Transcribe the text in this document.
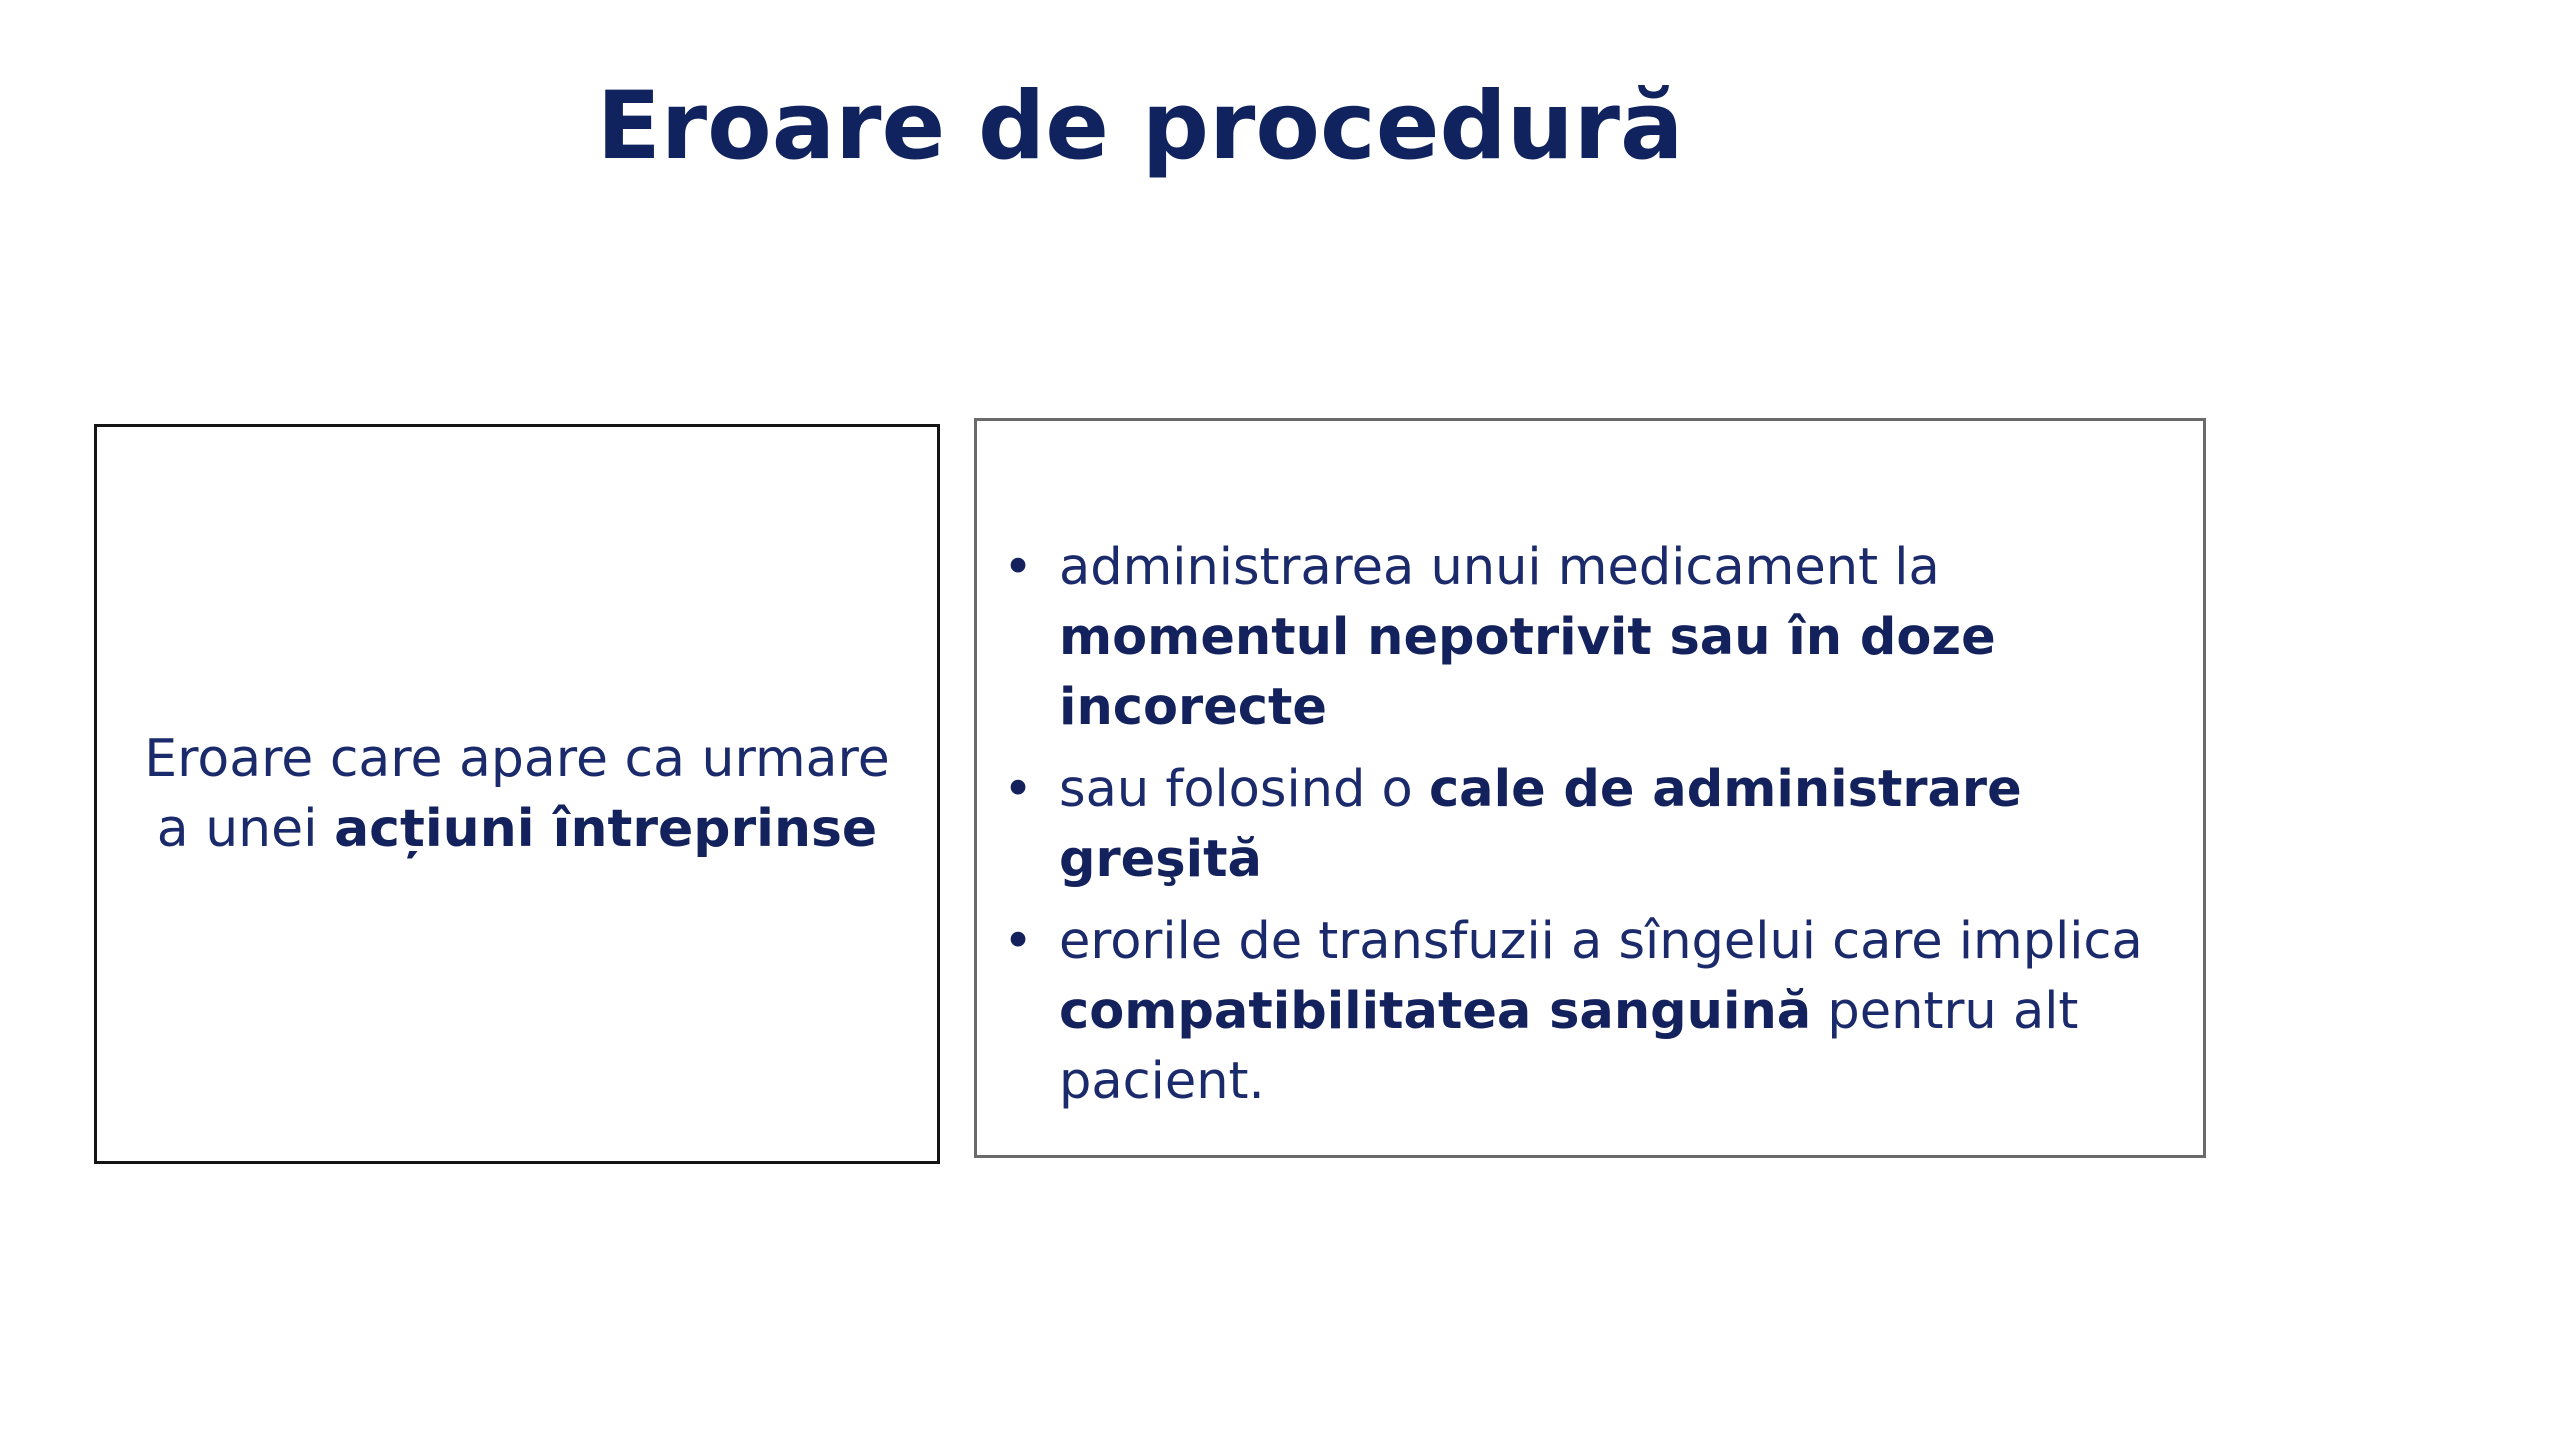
Eroare de procedură

Eroare care apare ca urmare a unei acțiuni întreprinse

• administrarea unui medicament la momentul nepotrivit sau în doze incorecte
• sau folosind o cale de administrare greşită
• erorile de transfuzii a sîngelui care implica compatibilitatea sanguină pentru alt pacient.
